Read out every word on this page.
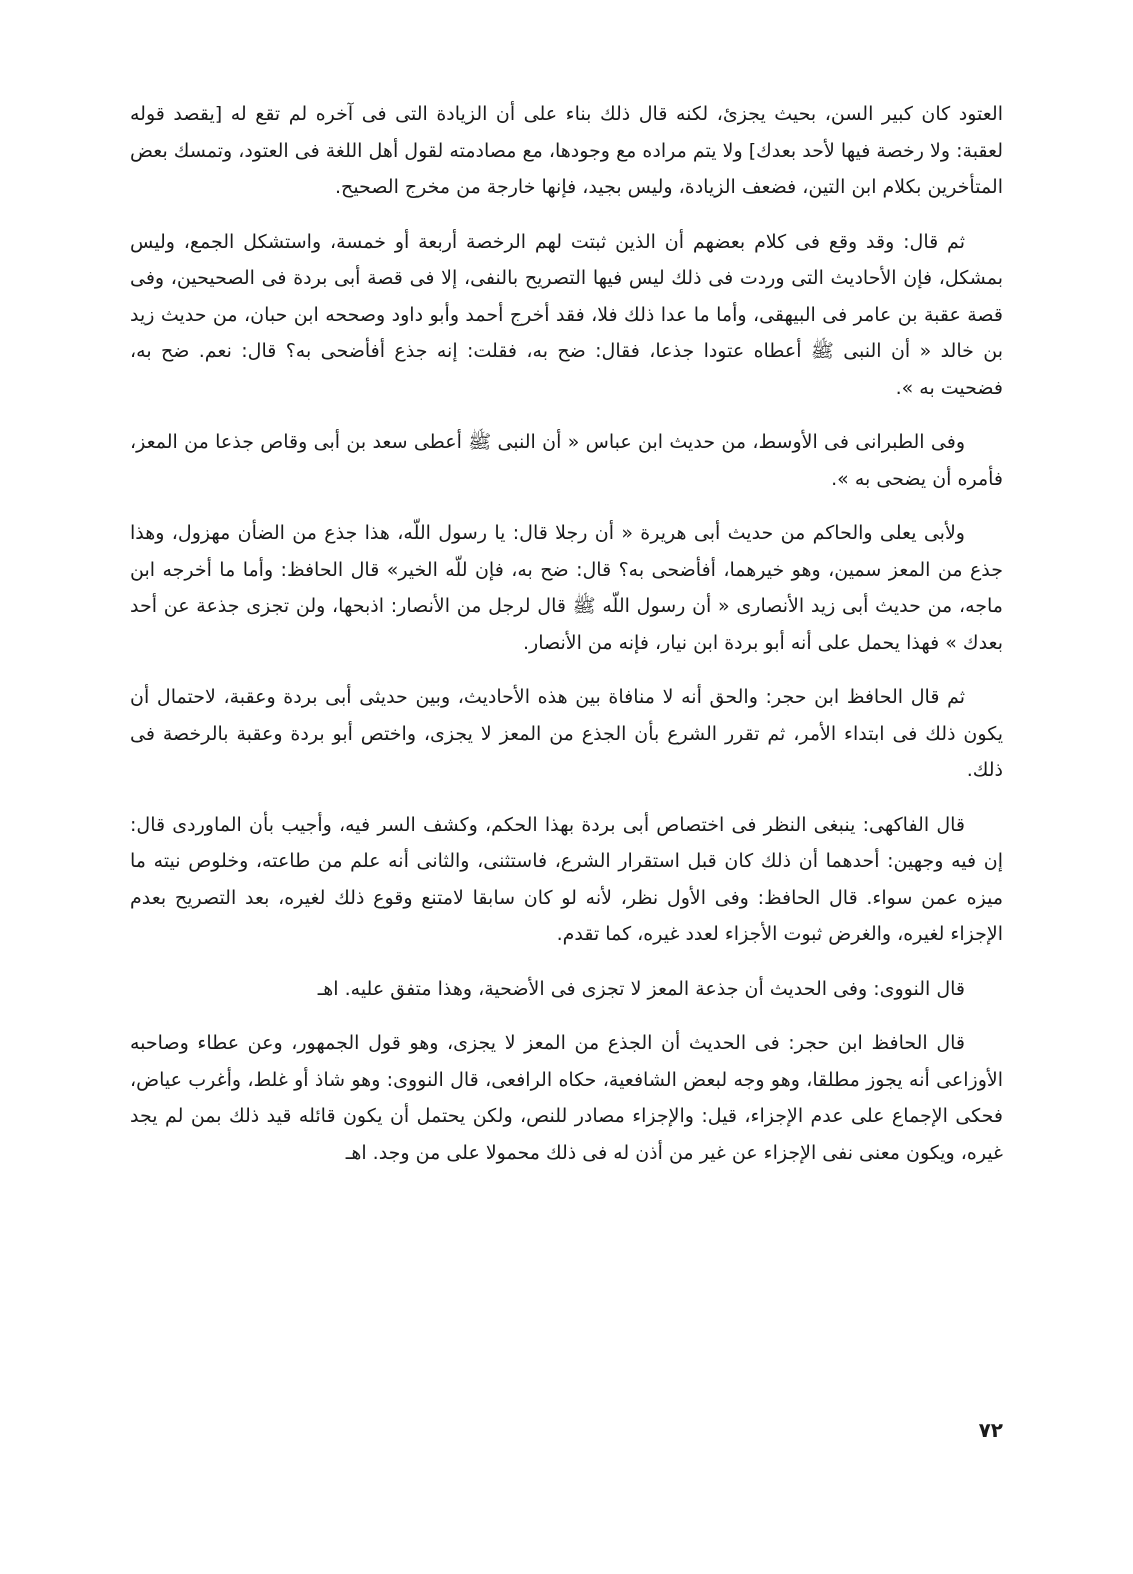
العتود كان كبير السن، بحيث يجزئ، لكنه قال ذلك بناء على أن الزيادة التى فى آخره لم تقع له [يقصد قوله لعقبة: ولا رخصة فيها لأحد بعدك] ولا يتم مراده مع وجودها، مع مصادمته لقول أهل اللغة فى العتود، وتمسك بعض المتأخرين بكلام ابن التين، فضعف الزيادة، وليس بجيد، فإنها خارجة من مخرج الصحيح.

ثم قال: وقد وقع فى كلام بعضهم أن الذين ثبتت لهم الرخصة أربعة أو خمسة، واستشكل الجمع، وليس بمشكل، فإن الأحاديث التى وردت فى ذلك ليس فيها التصريح بالنفى، إلا فى قصة أبى بردة فى الصحيحين، وفى قصة عقبة بن عامر فى البيهقى، وأما ما عدا ذلك فلا، فقد أخرج أحمد وأبو داود وصححه ابن حبان، من حديث زيد بن خالد « أن النبى ﷺ أعطاه عتودا جذعا، فقال: ضح به، فقلت: إنه جذع أفأضحى به؟ قال: نعم. ضح به، فضحيت به ».

وفى الطبرانى فى الأوسط، من حديث ابن عباس « أن النبى ﷺ أعطى سعد بن أبى وقاص جذعا من المعز، فأمره أن يضحى به ».

ولأبى يعلى والحاكم من حديث أبى هريرة « أن رجلا قال: يا رسول اللّه، هذا جذع من الضأن مهزول، وهذا جذع من المعز سمين، وهو خيرهما، أفأضحى به؟ قال: ضح به، فإن للّه الخير» قال الحافظ: وأما ما أخرجه ابن ماجه، من حديث أبى زيد الأنصارى « أن رسول اللّه ﷺ قال لرجل من الأنصار: اذبحها، ولن تجزى جذعة عن أحد بعدك » فهذا يحمل على أنه أبو بردة ابن نيار، فإنه من الأنصار.

ثم قال الحافظ ابن حجر: والحق أنه لا منافاة بين هذه الأحاديث، وبين حديثى أبى بردة وعقبة، لاحتمال أن يكون ذلك فى ابتداء الأمر، ثم تقرر الشرع بأن الجذع من المعز لا يجزى، واختص أبو بردة وعقبة بالرخصة فى ذلك.

قال الفاكهى: ينبغى النظر فى اختصاص أبى بردة بهذا الحكم، وكشف السر فيه، وأجيب بأن الماوردى قال: إن فيه وجهين: أحدهما أن ذلك كان قبل استقرار الشرع، فاستثنى، والثانى أنه علم من طاعته، وخلوص نيته ما ميزه عمن سواء. قال الحافظ: وفى الأول نظر، لأنه لو كان سابقا لامتنع وقوع ذلك لغيره، بعد التصريح بعدم الإجزاء لغيره، والغرض ثبوت الأجزاء لعدد غيره، كما تقدم.

قال النووى: وفى الحديث أن جذعة المعز لا تجزى فى الأضحية، وهذا متفق عليه. اهـ

قال الحافظ ابن حجر: فى الحديث أن الجذع من المعز لا يجزى، وهو قول الجمهور، وعن عطاء وصاحبه الأوزاعى أنه يجوز مطلقا، وهو وجه لبعض الشافعية، حكاه الرافعى، قال النووى: وهو شاذ أو غلط، وأغرب عياض، فحكى الإجماع على عدم الإجزاء، قيل: والإجزاء مصادر للنص، ولكن يحتمل أن يكون قائله قيد ذلك بمن لم يجد غيره، ويكون معنى نفى الإجزاء عن غير من أذن له فى ذلك محمولا على من وجد. اهـ

٧٢
